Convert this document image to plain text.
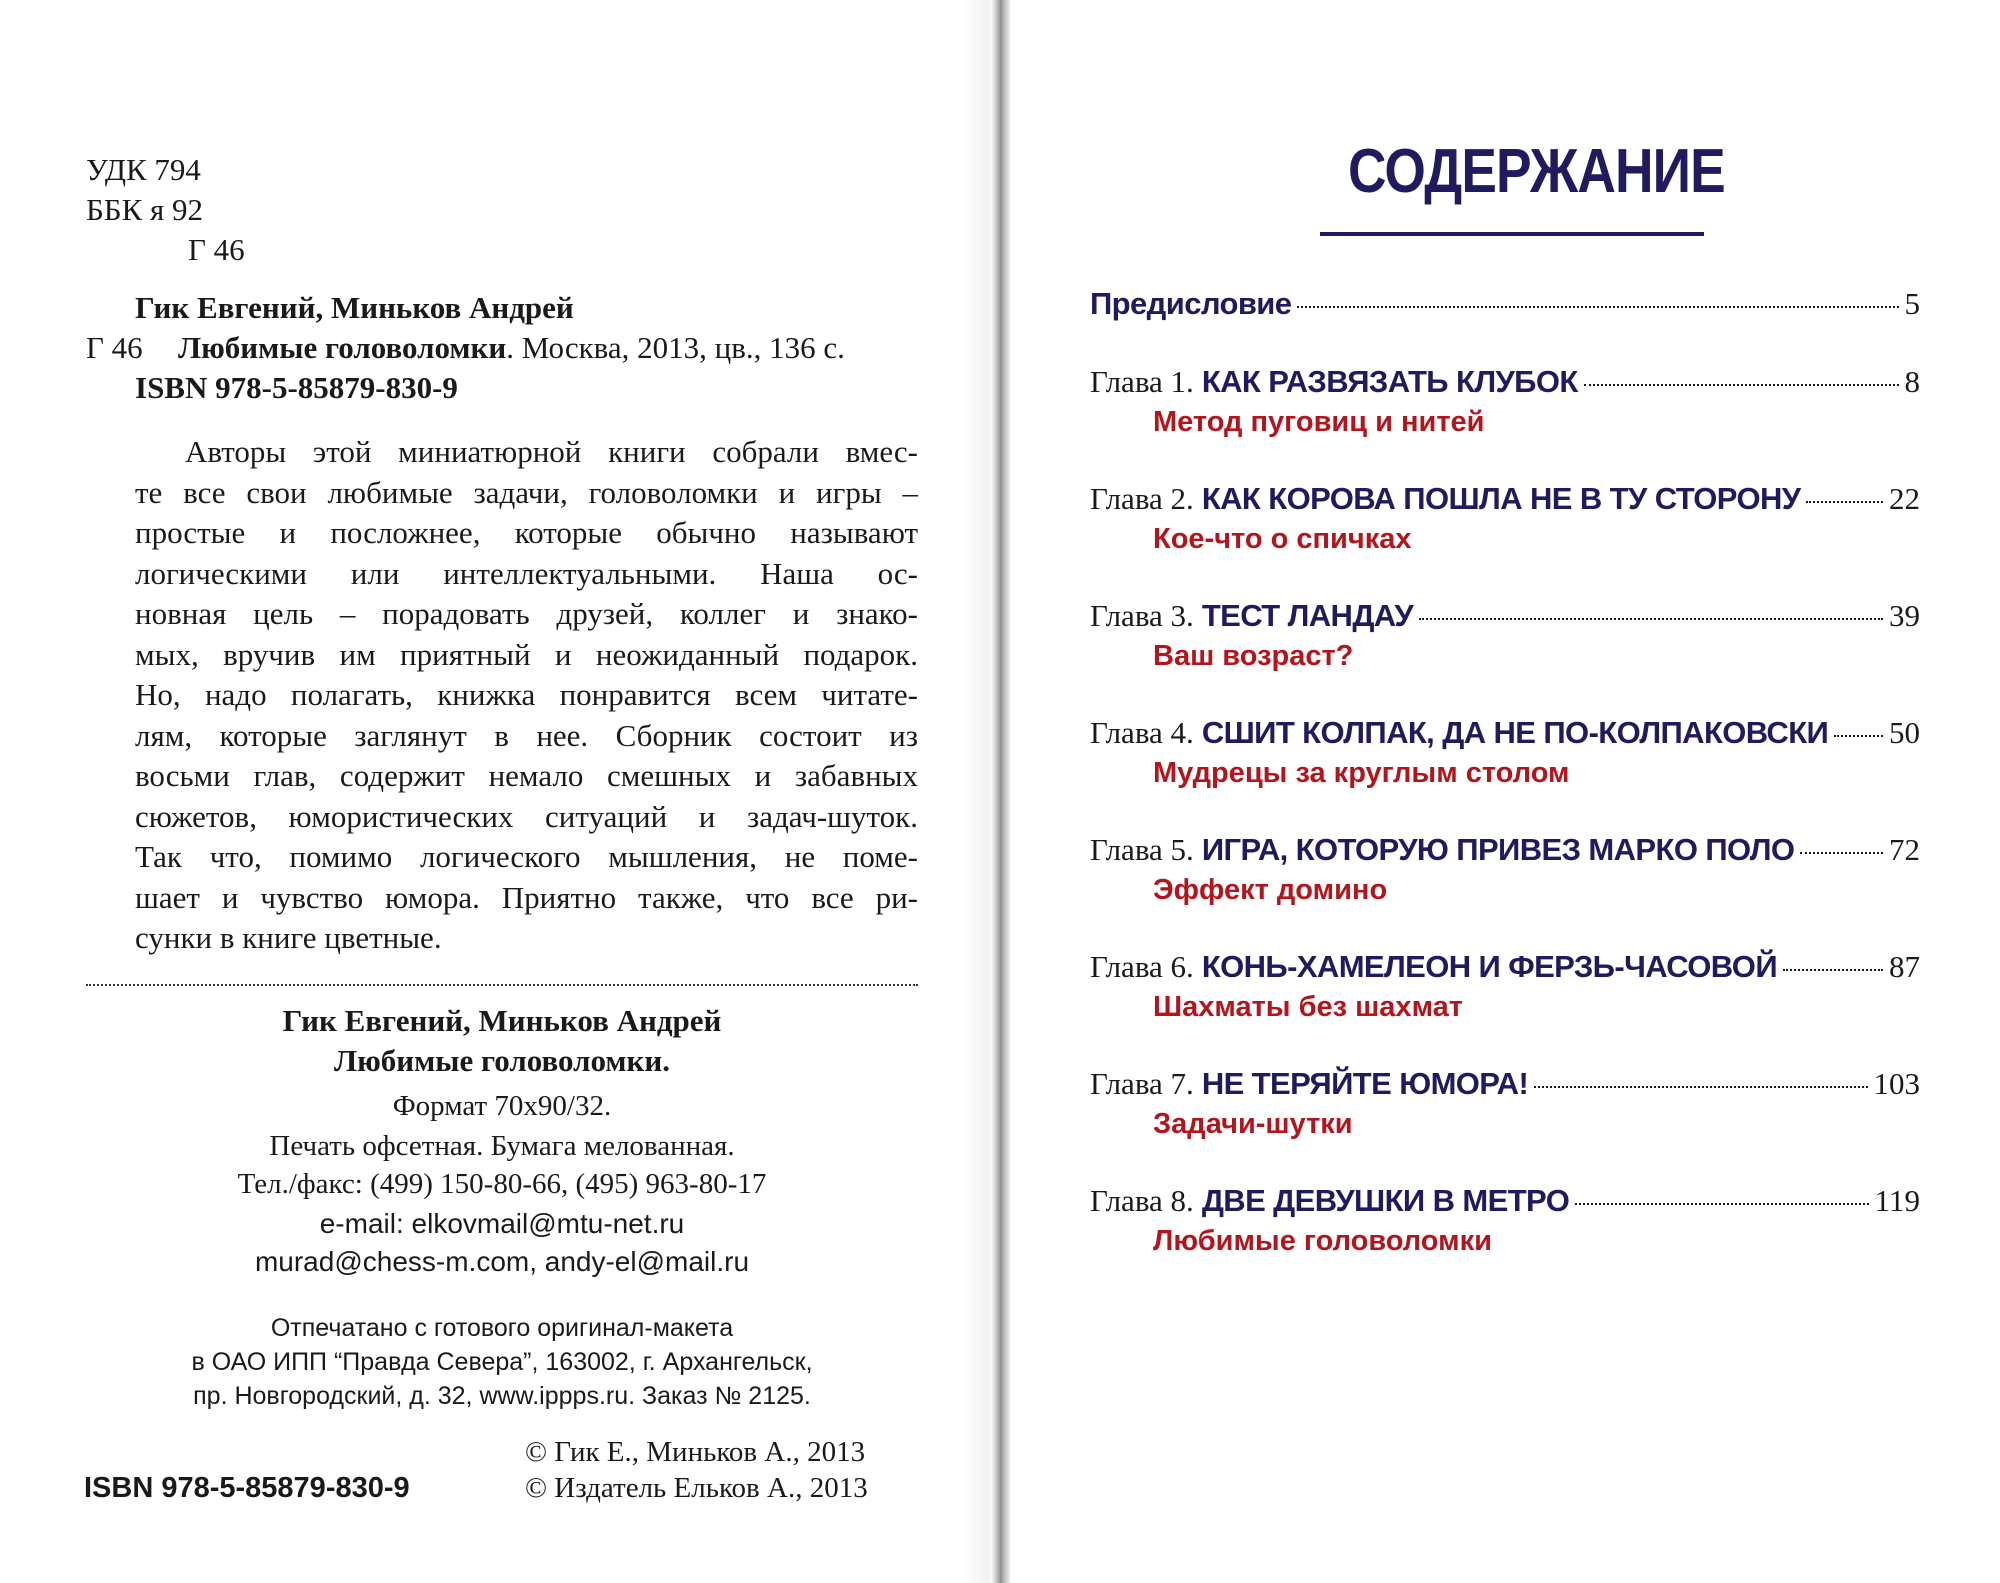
УДК 794
ББК я 92
Г 46
Гик Евгений, Миньков Андрей
Г 46 Любимые головоломки. Москва, 2013, цв., 136 с.
ISBN 978-5-85879-830-9
Авторы этой миниатюрной книги собрали вмес-
те все свои любимые задачи, головоломки и игры –
простые и посложнее, которые обычно называют
логическими или интеллектуальными. Наша ос-
новная цель – порадовать друзей, коллег и знако-
мых, вручив им приятный и неожиданный подарок.
Но, надо полагать, книжка понравится всем читате-
лям, которые заглянут в нее. Сборник состоит из
восьми глав, содержит немало смешных и забавных
сюжетов, юмористических ситуаций и задач-шуток.
Так что, помимо логического мышления, не поме-
шает и чувство юмора. Приятно также, что все ри-
сунки в книге цветные.
Гик Евгений, Миньков Андрей
Любимые головоломки.
Формат 70х90/32.
Печать офсетная. Бумага мелованная.
Тел./факс: (499) 150-80-66, (495) 963-80-17
e-mail: elkovmail@mtu-net.ru
murad@chess-m.com, andy-el@mail.ru
Отпечатано с готового оригинал-макета
в ОАО ИПП “Правда Севера”, 163002, г. Архангельск,
пр. Новгородский, д. 32, www.ippps.ru. Заказ № 2125.
ISBN 978-5-85879-830-9
© Гик Е., Миньков А., 2013
© Издатель Ельков А., 2013
СОДЕРЖАНИЕ
Предисловие	5
Глава 1. КАК РАЗВЯЗАТЬ КЛУБОК	8
Метод пуговиц и нитей
Глава 2. КАК КОРОВА ПОШЛА НЕ В ТУ СТОРОНУ	22
Кое-что о спичках
Глава 3. ТЕСТ ЛАНДАУ	39
Ваш возраст?
Глава 4. СШИТ КОЛПАК, ДА НЕ ПО-КОЛПАКОВСКИ 50
Мудрецы за круглым столом
Глава 5. ИГРА, КОТОРУЮ ПРИВЕЗ МАРКО ПОЛО	72
Эффект домино
Глава 6. КОНЬ-ХАМЕЛЕОН И ФЕРЗЬ-ЧАСОВОЙ	87
Шахматы без шахмат
Глава 7. НЕ ТЕРЯЙТЕ ЮМОРА!	103
Задачи-шутки
Глава 8. ДВЕ ДЕВУШКИ В МЕТРО	119
Любимые головоломки
